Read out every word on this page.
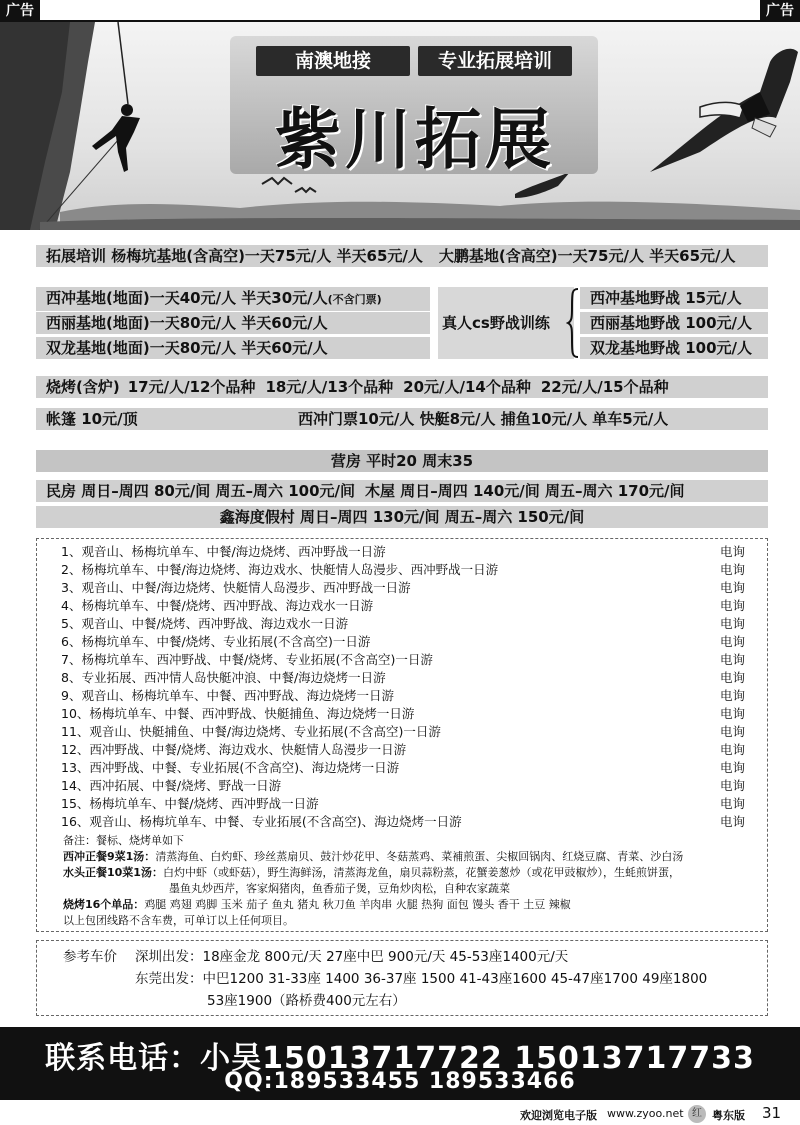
广告	广告
南澳地接	专业拓展培训
紫川拓展
拓展培训 杨梅坑基地(含高空)一天75元/人 半天65元/人 大鹏基地(含高空)一天75元/人 半天65元/人
西冲基地(地面)一天40元/人 半天30元/人(不含门票)
西丽基地(地面)一天80元/人 半天60元/人
双龙基地(地面)一天80元/人 半天60元/人
真人cs野战训练
西冲基地野战 15元/人
西丽基地野战 100元/人
双龙基地野战 100元/人
烧烤(含炉) 17元/人/12个品种 18元/人/13个品种 20元/人/14个品种 22元/人/15个品种
帐篷 10元/顶	西冲门票10元/人 快艇8元/人 捕鱼10元/人 单车5元/人
营房 平时20 周末35
民房 周日–周四 80元/间 周五–周六 100元/间 木屋 周日–周四 140元/间 周五–周六 170元/间
鑫海度假村 周日–周四 130元/间 周五–周六 150元/间
1、观音山、杨梅坑单车、中餐/海边烧烤、西冲野战一日游	电询
2、杨梅坑单车、中餐/海边烧烤、海边戏水、快艇情人岛漫步、西冲野战一日游	电询
3、观音山、中餐/海边烧烤、快艇情人岛漫步、西冲野战一日游	电询
4、杨梅坑单车、中餐/烧烤、西冲野战、海边戏水一日游	电询
5、观音山、中餐/烧烤、西冲野战、海边戏水一日游	电询
6、杨梅坑单车、中餐/烧烤、专业拓展(不含高空)一日游	电询
7、杨梅坑单车、西冲野战、中餐/烧烤、专业拓展(不含高空)一日游	电询
8、专业拓展、西冲情人岛快艇冲浪、中餐/海边烧烤一日游	电询
9、观音山、杨梅坑单车、中餐、西冲野战、海边烧烤一日游	电询
10、杨梅坑单车、中餐、西冲野战、快艇捕鱼、海边烧烤一日游	电询
11、观音山、快艇捕鱼、中餐/海边烧烤、专业拓展(不含高空)一日游	电询
12、西冲野战、中餐/烧烤、海边戏水、快艇情人岛漫步一日游	电询
13、西冲野战、中餐、专业拓展(不含高空)、海边烧烤一日游	电询
14、西冲拓展、中餐/烧烤、野战一日游	电询
15、杨梅坑单车、中餐/烧烤、西冲野战一日游	电询
16、观音山、杨梅坑单车、中餐、专业拓展(不含高空)、海边烧烤一日游	电询
备注：餐标、烧烤单如下
西冲正餐9菜1汤：清蒸海鱼、白灼虾、珍丝蒸扇贝、鼓汁炒花甲、冬菇蒸鸡、菜補煎蛋、尖椒回锅肉、红烧豆腐、青菜、沙白汤
水头正餐10菜1汤：白灼中虾（或虾菇），野生海鲜汤，清蒸海龙鱼，扇贝蒜粉蒸，花蟹姜葱炒（或花甲豉椒炒），生蚝煎饼蛋，
墨鱼丸炒西芹，客家焖猪肉，鱼香茄子煲，豆角炒肉松，自种农家蔬菜
烧烤16个单品：鸡腿 鸡翅 鸡脚 玉米 茄子 鱼丸 猪丸 秋刀鱼 羊肉串 火腿 热狗 面包 馒头 香干 土豆 辣椒
以上包团线路不含车费，可单订以上任何项目。
参考车价 深圳出发：18座金龙 800元/天 27座中巴 900元/天 45-53座1400元/天
东莞出发：中巴1200 31-33座 1400 36-37座 1500 41-43座1600 45-47座1700 49座1800
53座1900（路桥费400元左右）
联系电话：小吴15013717722 15013717733
QQ:189533455 189533466
欢迎浏览电子版 www.zyoo.net 红 粤东版 31
